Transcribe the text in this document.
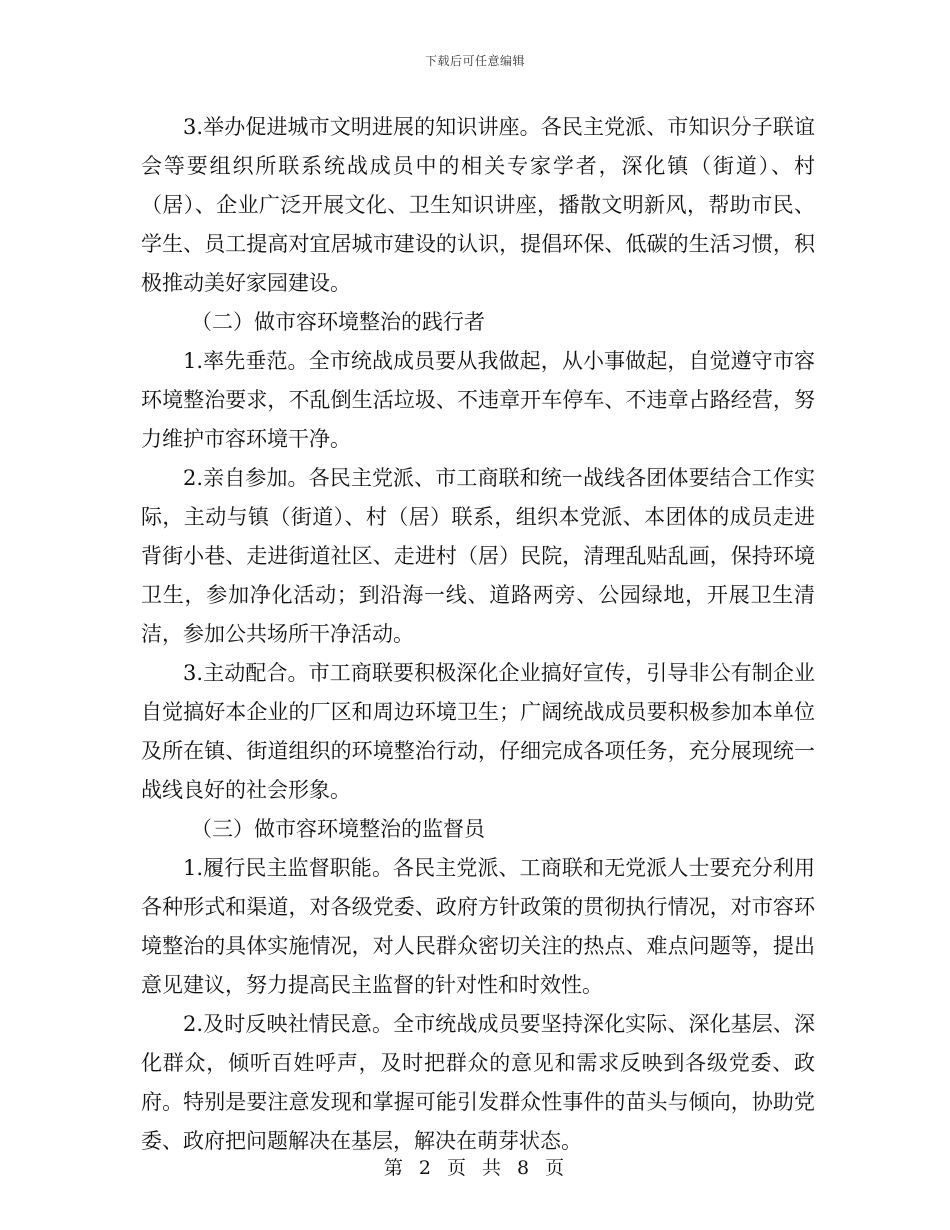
下载后可任意编辑

3.举办促进城市文明进展的知识讲座。各民主党派、市知识分子联谊会等要组织所联系统战成员中的相关专家学者，深化镇（街道）、村（居）、企业广泛开展文化、卫生知识讲座，播散文明新风，帮助市民、学生、员工提高对宜居城市建设的认识，提倡环保、低碳的生活习惯，积极推动美好家园建设。

（二）做市容环境整治的践行者

1.率先垂范。全市统战成员要从我做起，从小事做起，自觉遵守市容环境整治要求，不乱倒生活垃圾、不违章开车停车、不违章占路经营，努力维护市容环境干净。

2.亲自参加。各民主党派、市工商联和统一战线各团体要结合工作实际，主动与镇（街道）、村（居）联系，组织本党派、本团体的成员走进背街小巷、走进街道社区、走进村（居）民院，清理乱贴乱画，保持环境卫生，参加净化活动；到沿海一线、道路两旁、公园绿地，开展卫生清洁，参加公共场所干净活动。

3.主动配合。市工商联要积极深化企业搞好宣传，引导非公有制企业自觉搞好本企业的厂区和周边环境卫生；广阔统战成员要积极参加本单位及所在镇、街道组织的环境整治行动，仔细完成各项任务，充分展现统一战线良好的社会形象。

（三）做市容环境整治的监督员

1.履行民主监督职能。各民主党派、工商联和无党派人士要充分利用各种形式和渠道，对各级党委、政府方针政策的贯彻执行情况，对市容环境整治的具体实施情况，对人民群众密切关注的热点、难点问题等，提出意见建议，努力提高民主监督的针对性和时效性。

2.及时反映社情民意。全市统战成员要坚持深化实际、深化基层、深化群众，倾听百姓呼声，及时把群众的意见和需求反映到各级党委、政府。特别是要注意发现和掌握可能引发群众性事件的苗头与倾向，协助党委、政府把问题解决在基层，解决在萌芽状态。

第 2 页 共 8 页
